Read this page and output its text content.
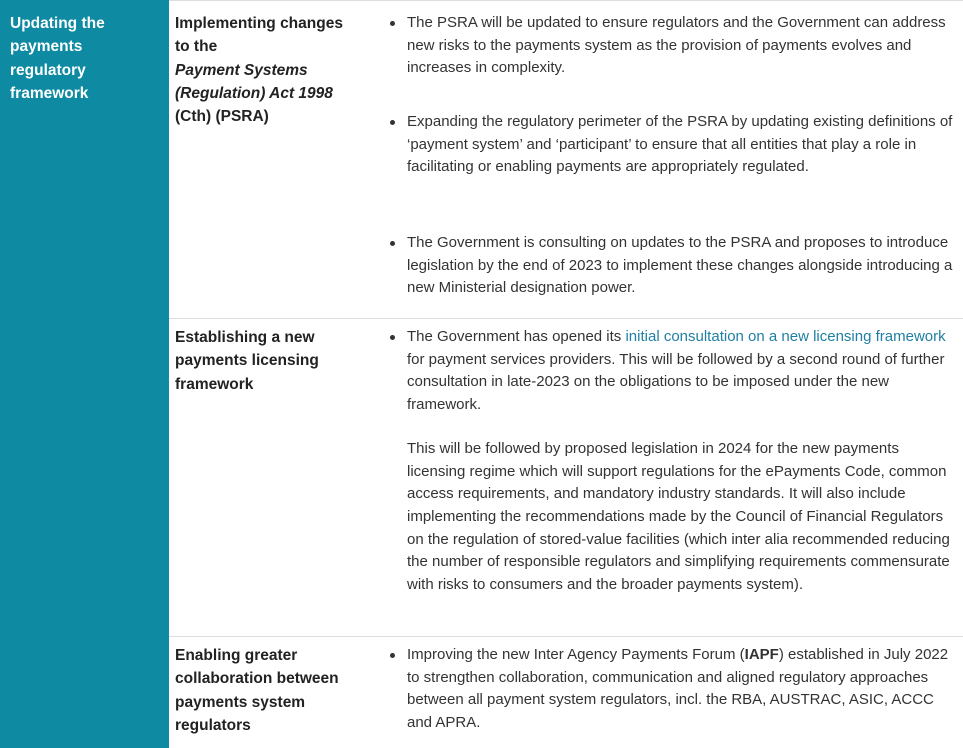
Updating the payments regulatory framework
Implementing changes to the
Payment Systems (Regulation) Act 1998
(Cth) (PSRA)
The PSRA will be updated to ensure regulators and the Government can address new risks to the payments system as the provision of payments evolves and increases in complexity.
Expanding the regulatory perimeter of the PSRA by updating existing definitions of ‘payment system’ and ‘participant’ to ensure that all entities that play a role in facilitating or enabling payments are appropriately regulated.
The Government is consulting on updates to the PSRA and proposes to introduce legislation by the end of 2023 to implement these changes alongside introducing a new Ministerial designation power.
Establishing a new payments licensing framework
The Government has opened its initial consultation on a new licensing framework for payment services providers. This will be followed by a second round of further consultation in late-2023 on the obligations to be imposed under the new framework.
This will be followed by proposed legislation in 2024 for the new payments licensing regime which will support regulations for the ePayments Code, common access requirements, and mandatory industry standards. It will also include implementing the recommendations made by the Council of Financial Regulators on the regulation of stored-value facilities (which inter alia recommended reducing the number of responsible regulators and simplifying requirements commensurate with risks to consumers and the broader payments system).
Enabling greater collaboration between payments system regulators
Improving the new Inter Agency Payments Forum (IAPF) established in July 2022 to strengthen collaboration, communication and aligned regulatory approaches between all payment system regulators, incl. the RBA, AUSTRAC, ASIC, ACCC and APRA.
